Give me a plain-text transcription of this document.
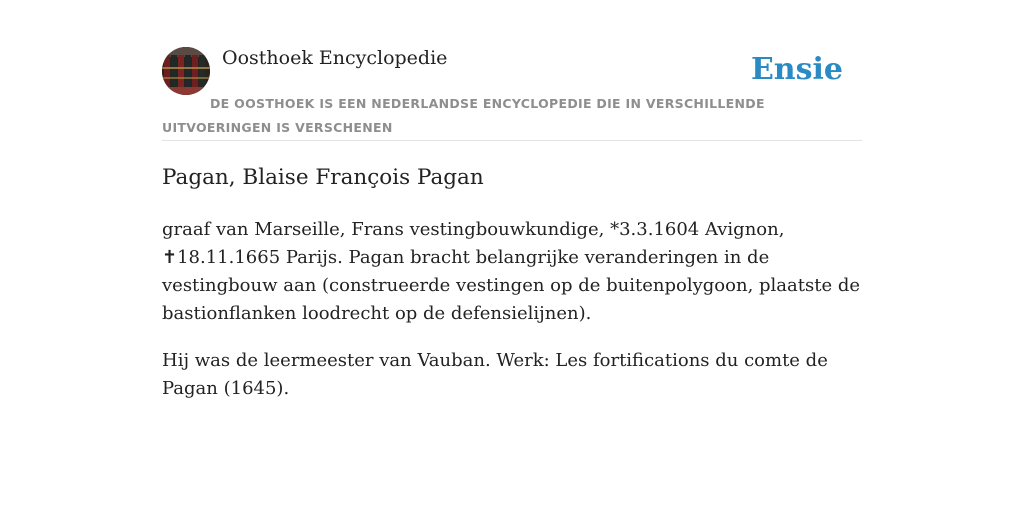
Oosthoek Encyclopedie	Ensie
DE OOSTHOEK IS EEN NEDERLANDSE ENCYCLOPEDIE DIE IN VERSCHILLENDE UITVOERINGEN IS VERSCHENEN
Pagan, Blaise François Pagan

graaf van Marseille, Frans vestingbouwkundige, *3.3.1604 Avignon, ✝18.11.1665 Parijs. Pagan bracht belangrijke veranderingen in de vestingbouw aan (construeerde vestingen op de buitenpolygoon, plaatste de bastionflanken loodrecht op de defensielijnen).

Hij was de leermeester van Vauban. Werk: Les fortifications du comte de Pagan (1645).
